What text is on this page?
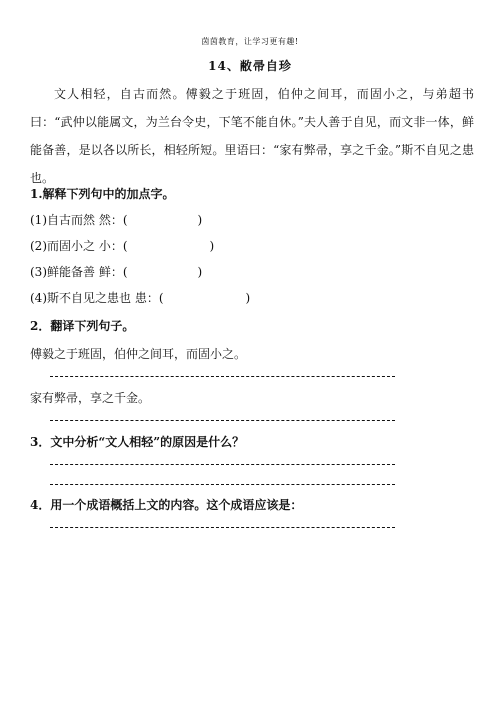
茵茵教育，让学习更有趣!
14、敝帚自珍
文人相轻，自古而然。傅毅之于班固，伯仲之间耳，而固小之，与弟超书曰：“武仲以能属文，为兰台令史，下笔不能自休。”夫人善于自见，而文非一体，鲜能备善，是以各以所长，相轻所短。里语曰：“家有弊帚，享之千金。”斯不自见之患也。
1.解释下列句中的加点字。
(1)自古而然 然：(	)
(2)而固小之 小：(	)
(3)鲜能备善 鲜：(	)
(4)斯不自见之患也 患：(	)
2．翻译下列句子。
傅毅之于班固，伯仲之间耳，而固小之。
家有弊帚，享之千金。
3．文中分析“文人相轻”的原因是什么？
4．用一个成语概括上文的内容。这个成语应该是：
